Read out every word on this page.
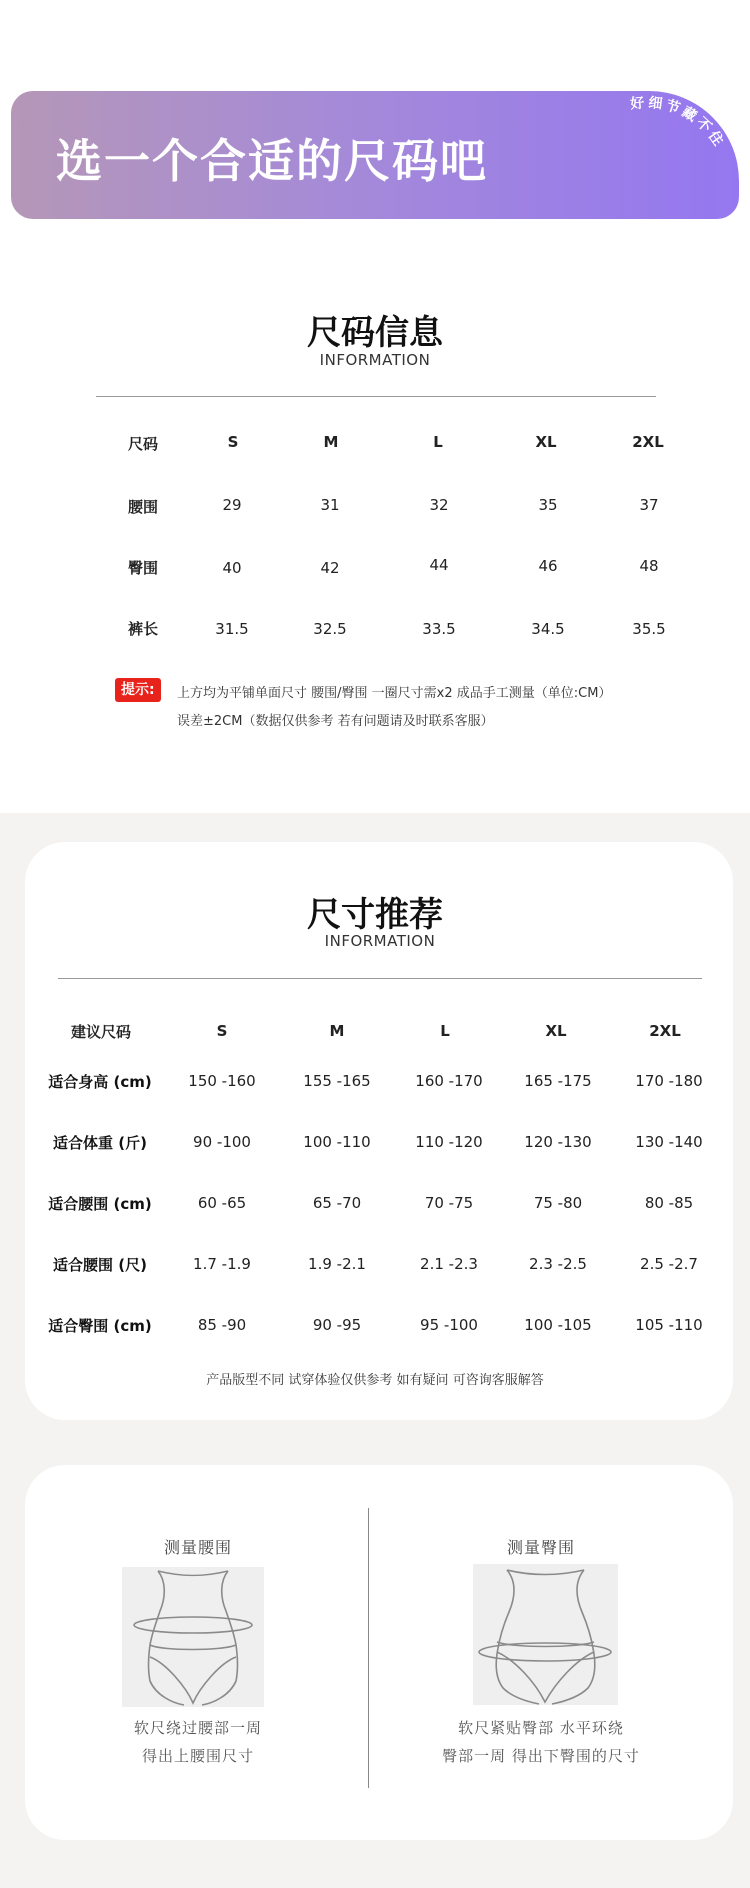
选一个合适的尺码吧
好细节藏不住
尺码信息
INFORMATION
尺码	S	M	L	XL	2XL
腰围	29	31	32	35	37
臀围	40	42	44	46	48
裤长	31.5	32.5	33.5	34.5	35.5
提示:	上方均为平铺单面尺寸 腰围/臀围 一圈尺寸需x2 成品手工测量（单位:CM）
误差±2CM（数据仅供参考 若有问题请及时联系客服）
尺寸推荐
INFORMATION
建议尺码	S	M	L	XL	2XL
适合身高 (cm) 150 -160	155 -165	160 -170	165 -175	170 -180
适合体重 (斤)	90 -100	100 -110	110 -120	120 -130	130 -140
适合腰围 (cm)	60 -65	65 -70	70 -75	75 -80	80 -85
适合腰围 (尺)	1.7 -1.9	1.9 -2.1	2.1 -2.3	2.3 -2.5	2.5 -2.7
适合臀围 (cm)	85 -90	90 -95	95 -100	100 -105	105 -110
产品版型不同 试穿体验仅供参考 如有疑问 可咨询客服解答
测量腰围
软尺绕过腰部一周
得出上腰围尺寸
测量臀围
软尺紧贴臀部 水平环绕
臀部一周 得出下臀围的尺寸
